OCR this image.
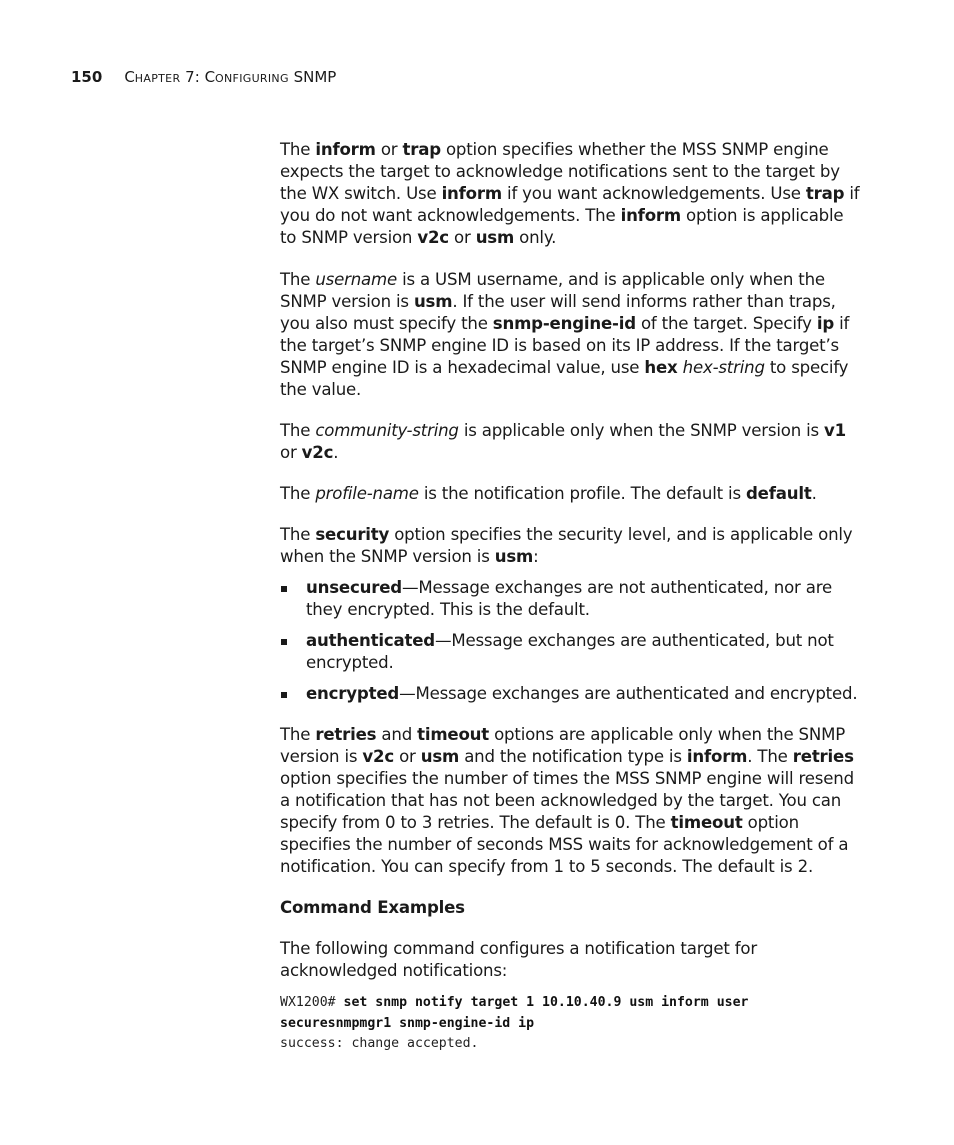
150 CHAPTER 7: CONFIGURING SNMP

The inform or trap option specifies whether the MSS SNMP engine expects the target to acknowledge notifications sent to the target by the WX switch. Use inform if you want acknowledgements. Use trap if you do not want acknowledgements. The inform option is applicable to SNMP version v2c or usm only.

The username is a USM username, and is applicable only when the SNMP version is usm. If the user will send informs rather than traps, you also must specify the snmp-engine-id of the target. Specify ip if the target’s SNMP engine ID is based on its IP address. If the target’s SNMP engine ID is a hexadecimal value, use hex hex-string to specify the value.

The community-string is applicable only when the SNMP version is v1 or v2c.

The profile-name is the notification profile. The default is default.

The security option specifies the security level, and is applicable only when the SNMP version is usm:

unsecured—Message exchanges are not authenticated, nor are they encrypted. This is the default.
authenticated—Message exchanges are authenticated, but not encrypted.
encrypted—Message exchanges are authenticated and encrypted.

The retries and timeout options are applicable only when the SNMP version is v2c or usm and the notification type is inform. The retries option specifies the number of times the MSS SNMP engine will resend a notification that has not been acknowledged by the target. You can specify from 0 to 3 retries. The default is 0. The timeout option specifies the number of seconds MSS waits for acknowledgement of a notification. You can specify from 1 to 5 seconds. The default is 2.

Command Examples

The following command configures a notification target for acknowledged notifications:

WX1200# set snmp notify target 1 10.10.40.9 usm inform user
securesnmpmgr1 snmp-engine-id ip
success: change accepted.
